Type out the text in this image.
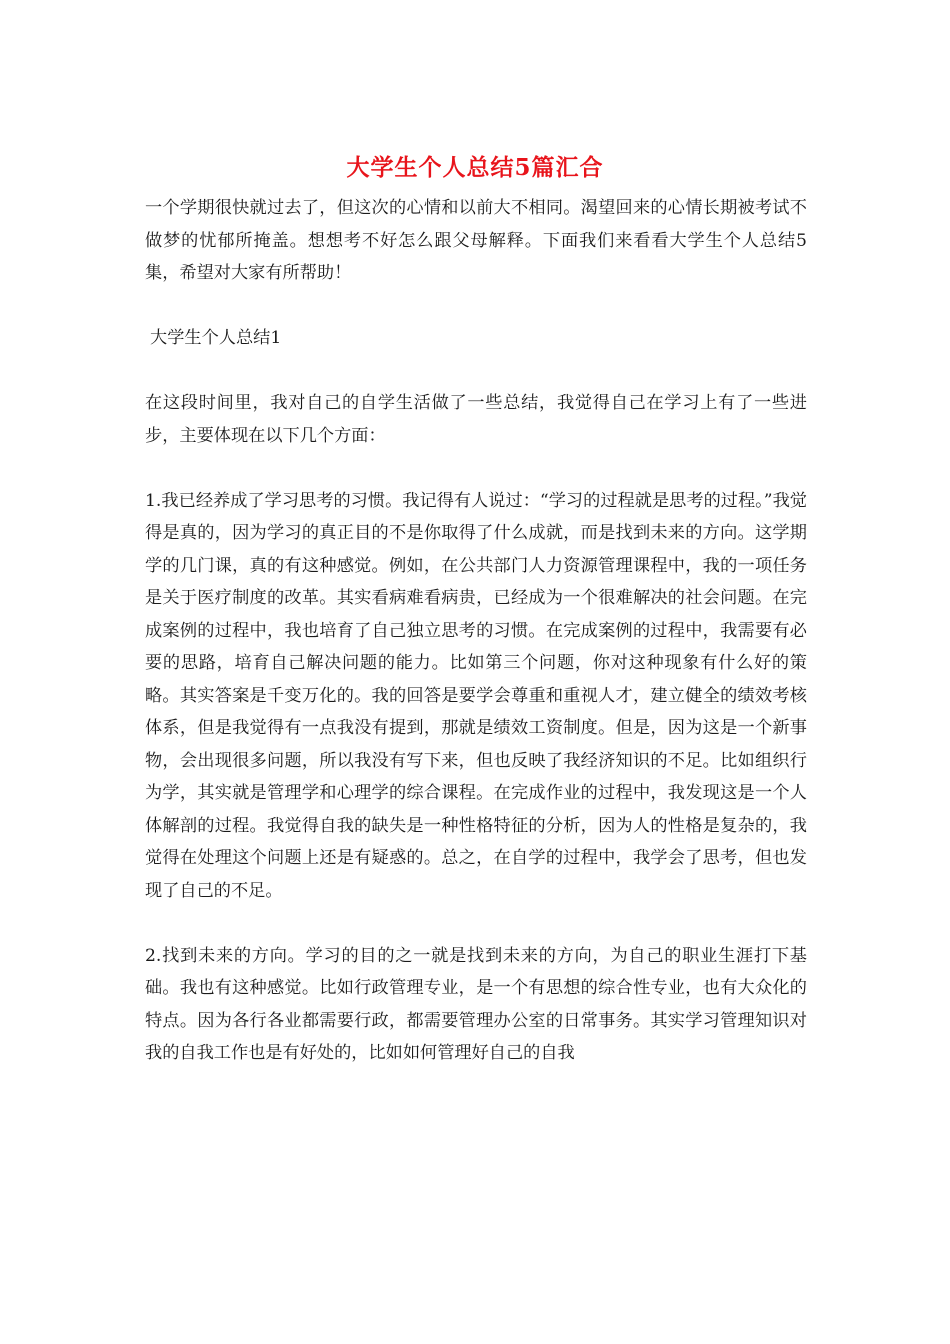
大学生个人总结5篇汇合

一个学期很快就过去了，但这次的心情和以前大不相同。渴望回来的心情长期被考试不做梦的忧郁所掩盖。想想考不好怎么跟父母解释。下面我们来看看大学生个人总结5集，希望对大家有所帮助！

大学生个人总结1

在这段时间里，我对自己的自学生活做了一些总结，我觉得自己在学习上有了一些进步，主要体现在以下几个方面：

1.我已经养成了学习思考的习惯。我记得有人说过：“学习的过程就是思考的过程。”我觉得是真的，因为学习的真正目的不是你取得了什么成就，而是找到未来的方向。这学期学的几门课，真的有这种感觉。例如，在公共部门人力资源管理课程中，我的一项任务是关于医疗制度的改革。其实看病难看病贵，已经成为一个很难解决的社会问题。在完成案例的过程中，我也培育了自己独立思考的习惯。在完成案例的过程中，我需要有必要的思路，培育自己解决问题的能力。比如第三个问题，你对这种现象有什么好的策略。其实答案是千变万化的。我的回答是要学会尊重和重视人才，建立健全的绩效考核体系，但是我觉得有一点我没有提到，那就是绩效工资制度。但是，因为这是一个新事物，会出现很多问题，所以我没有写下来，但也反映了我经济知识的不足。比如组织行为学，其实就是管理学和心理学的综合课程。在完成作业的过程中，我发现这是一个人体解剖的过程。我觉得自我的缺失是一种性格特征的分析，因为人的性格是复杂的，我觉得在处理这个问题上还是有疑惑的。总之，在自学的过程中，我学会了思考，但也发现了自己的不足。

2.找到未来的方向。学习的目的之一就是找到未来的方向，为自己的职业生涯打下基础。我也有这种感觉。比如行政管理专业，是一个有思想的综合性专业，也有大众化的特点。因为各行各业都需要行政，都需要管理办公室的日常事务。其实学习管理知识对我的自我工作也是有好处的，比如如何管理好自己的自我
